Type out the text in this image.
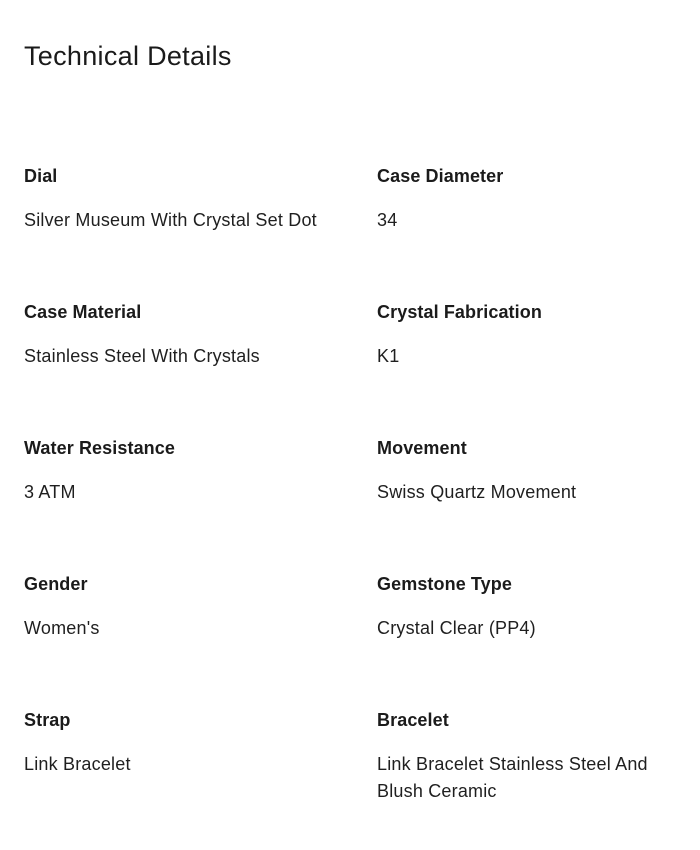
Technical Details
Dial
Silver Museum With Crystal Set Dot
Case Diameter
34
Case Material
Stainless Steel With Crystals
Crystal Fabrication
K1
Water Resistance
3 ATM
Movement
Swiss Quartz Movement
Gender
Women's
Gemstone Type
Crystal Clear (PP4)
Strap
Link Bracelet
Bracelet
Link Bracelet Stainless Steel And Blush Ceramic
